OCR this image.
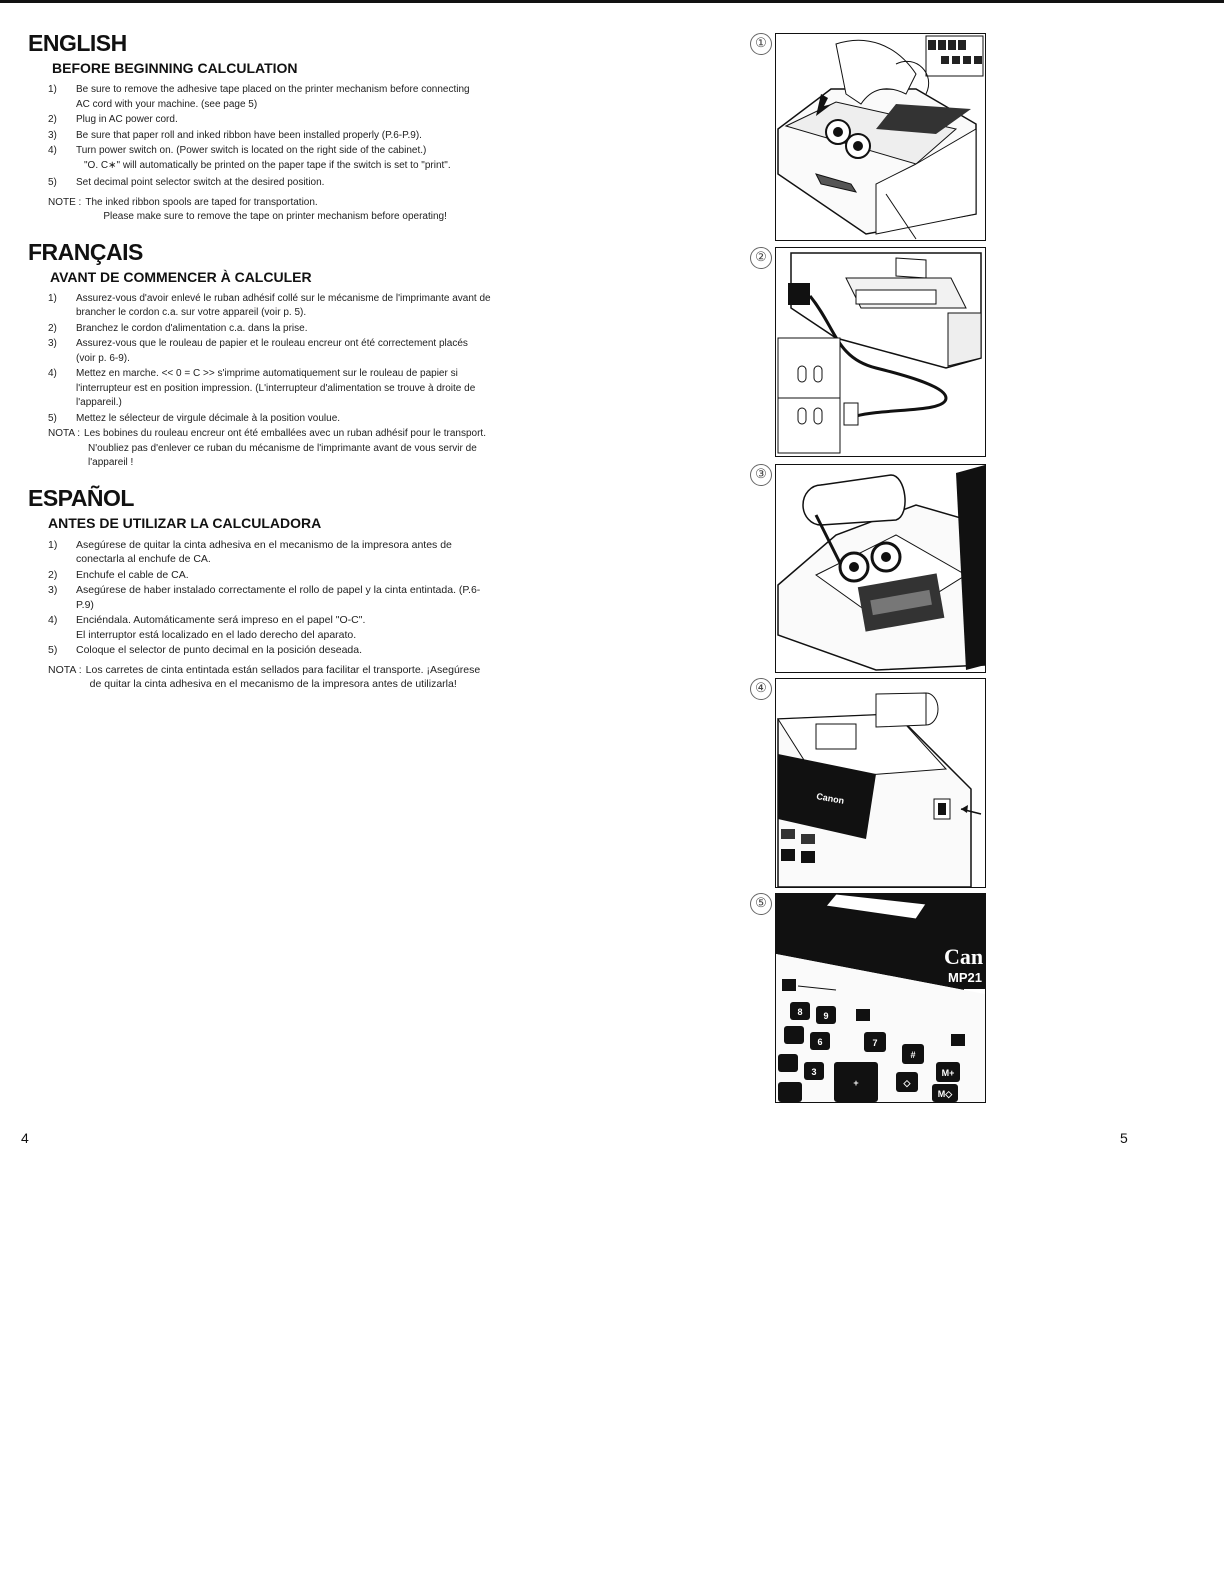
ENGLISH
BEFORE BEGINNING CALCULATION
1)	Be sure to remove the adhesive tape placed on the printer mechanism before connecting
AC cord with your machine. (see page 5)
2)	Plug in AC power cord.
3)	Be sure that paper roll and inked ribbon have been installed properly (P.6-P.9).
4)	Turn power switch on. (Power switch is located on the right side of the cabinet.)
"O. C∗" will automatically be printed on the paper tape if the switch is set to "print".
5)	Set decimal point selector switch at the desired position.
NOTE : The inked ribbon spools are taped for transportation.
Please make sure to remove the tape on printer mechanism before operating!
FRANÇAIS
AVANT DE COMMENCER À CALCULER
1)	Assurez-vous d'avoir enlevé le ruban adhésif collé sur le mécanisme de l'imprimante avant de
brancher le cordon c.a. sur votre appareil (voir p. 5).
2)	Branchez le cordon d'alimentation c.a. dans la prise.
3)	Assurez-vous que le rouleau de papier et le rouleau encreur ont été correctement placés
(voir p. 6-9).
4)	Mettez en marche. << 0 = C >> s'imprime automatiquement sur le rouleau de papier si
l'interrupteur est en position impression. (L'interrupteur d'alimentation se trouve à droite de
l'appareil.)
5)	Mettez le sélecteur de virgule décimale à la position voulue.
NOTA : Les bobines du rouleau encreur ont été emballées avec un ruban adhésif pour le transport.
N'oubliez pas d'enlever ce ruban du mécanisme de l'imprimante avant de vous servir de
l'appareil !
ESPAÑOL
ANTES DE UTILIZAR LA CALCULADORA
1)	Asegúrese de quitar la cinta adhesiva en el mecanismo de la impresora antes de
conectarla al enchufe de CA.
2)	Enchufe el cable de CA.
3)	Asegúrese de haber instalado correctamente el rollo de papel y la cinta entintada. (P.6-
P.9)
4)	Enciéndala. Automáticamente será impreso en el papel "O-C".
El interruptor está localizado en el lado derecho del aparato.
5)	Coloque el selector de punto decimal en la posición deseada.
NOTA : Los carretes de cinta entintada están sellados para facilitar el transporte. ¡Asegúrese
de quitar la cinta adhesiva en el mecanismo de la impresora antes de utilizarla!
①
②
③
④
Canon
⑤
Can
MP21
8 9
6	7
#
3
+	◇
M+
M◇
4	5
